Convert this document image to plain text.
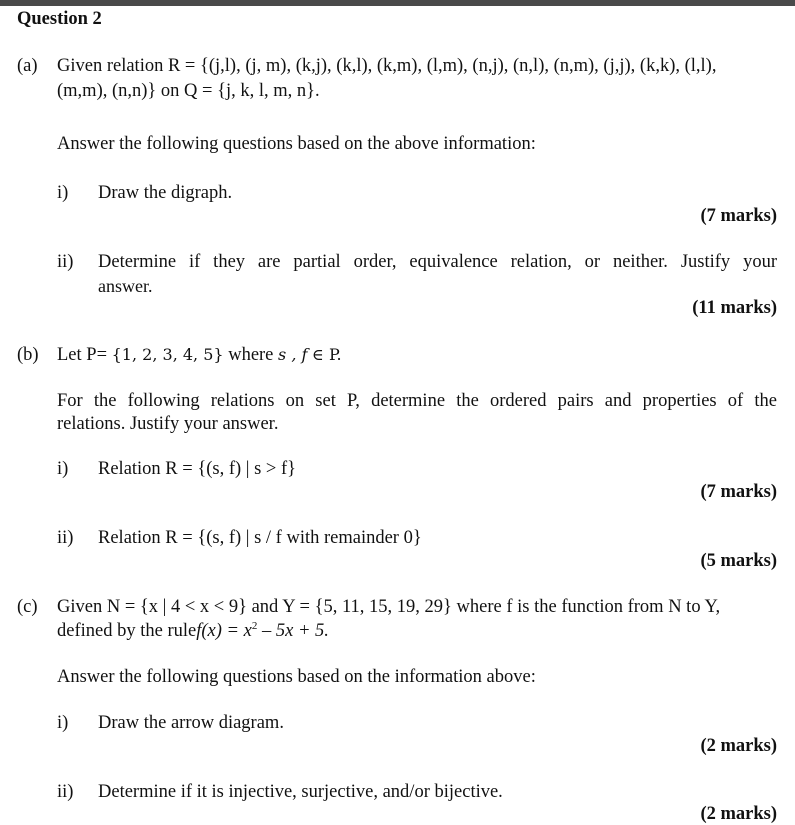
Question 2
(a) Given relation R = {(j,l), (j, m), (k,j), (k,l), (k,m), (l,m), (n,j), (n,l), (n,m), (j,j), (k,k), (l,l),
(m,m), (n,n)} on Q = {j, k, l, m, n}.
Answer the following questions based on the above information:
i) Draw the digraph.
(7 marks)
ii) Determine if they are partial order, equivalence relation, or neither. Justify your
answer.
(11 marks)
(b) Let P= {1, 2, 3, 4, 5} where s , f ∈ P.
For the following relations on set P, determine the ordered pairs and properties of the
relations. Justify your answer.
i) Relation R = {(s, f) | s > f}
(7 marks)
ii) Relation R = {(s, f) | s / f with remainder 0}
(5 marks)
(c) Given N = {x | 4 < x < 9} and Y = {5, 11, 15, 19, 29} where f is the function from N to Y,
defined by the rulef(x) = $x^2 - 5x + 5$.
Answer the following questions based on the information above:
i) Draw the arrow diagram.
(2 marks)
ii) Determine if it is injective, surjective, and/or bijective.
(2 marks)
